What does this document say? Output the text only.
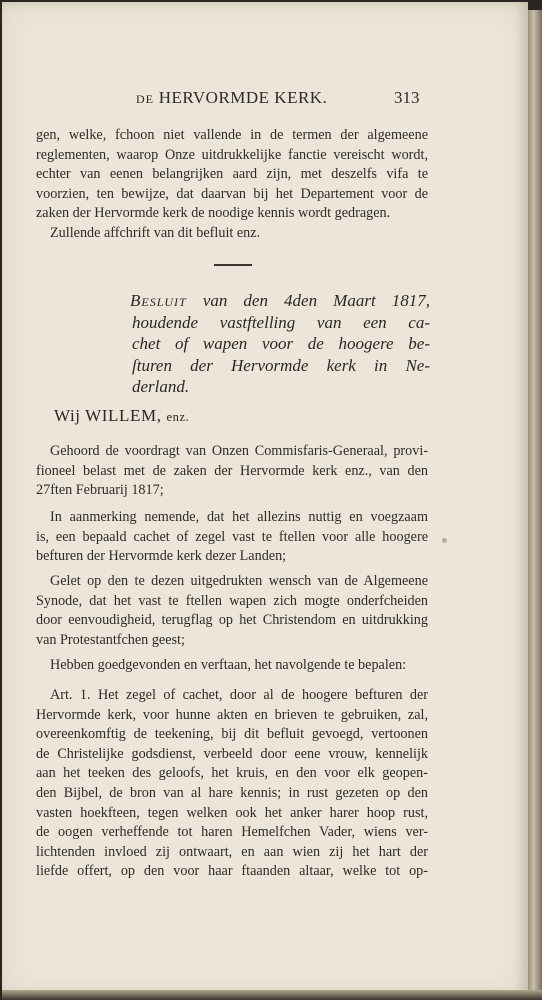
DE HERVORMDE KERK.	313
gen, welke, fchoon niet vallende in de termen der algemeene
reglementen, waarop Onze uitdrukkelijke fanctie vereischt wordt,
echter van eenen belangrijken aard zijn, met deszelfs vifa te
voorzien, ten bewijze, dat daarvan bij het Departement voor de
zaken der Hervormde kerk de noodige kennis wordt gedragen.
Zullende affchrift van dit befluit enz.
Besluit van den 4den Maart 1817,
houdende vastftelling van een ca-
chet of wapen voor de hoogere be-
ſturen der Hervormde kerk in Ne-
derland.
Wij WILLEM, enz.
Gehoord de voordragt van Onzen Commisfaris-Generaal, provi-
fioneel belast met de zaken der Hervormde kerk enz., van den
27ften Februarij 1817;
In aanmerking nemende, dat het allezins nuttig en voegzaam
is, een bepaald cachet of zegel vast te ftellen voor alle hoogere
befturen der Hervormde kerk dezer Landen;
Gelet op den te dezen uitgedrukten wensch van de Algemeene
Synode, dat het vast te ftellen wapen zich mogte onderfcheiden
door eenvoudigheid, terugflag op het Christendom en uitdrukking
van Protestantfchen geest;
Hebben goedgevonden en verftaan, het navolgende te bepalen:
Art. 1. Het zegel of cachet, door al de hoogere befturen der
Hervormde kerk, voor hunne akten en brieven te gebruiken, zal,
overeenkomftig de teekening, bij dit befluit gevoegd, vertoonen
de Christelijke godsdienst, verbeeld door eene vrouw, kennelijk
aan het teeken des geloofs, het kruis, en den voor elk geopen-
den Bijbel, de bron van al hare kennis; in rust gezeten op den
vasten hoekfteen, tegen welken ook het anker harer hoop rust,
de oogen verheffende tot haren Hemelfchen Vader, wiens ver-
lichtenden invloed zij ontwaart, en aan wien zij het hart der
liefde offert, op den voor haar ftaanden altaar, welke tot op-
